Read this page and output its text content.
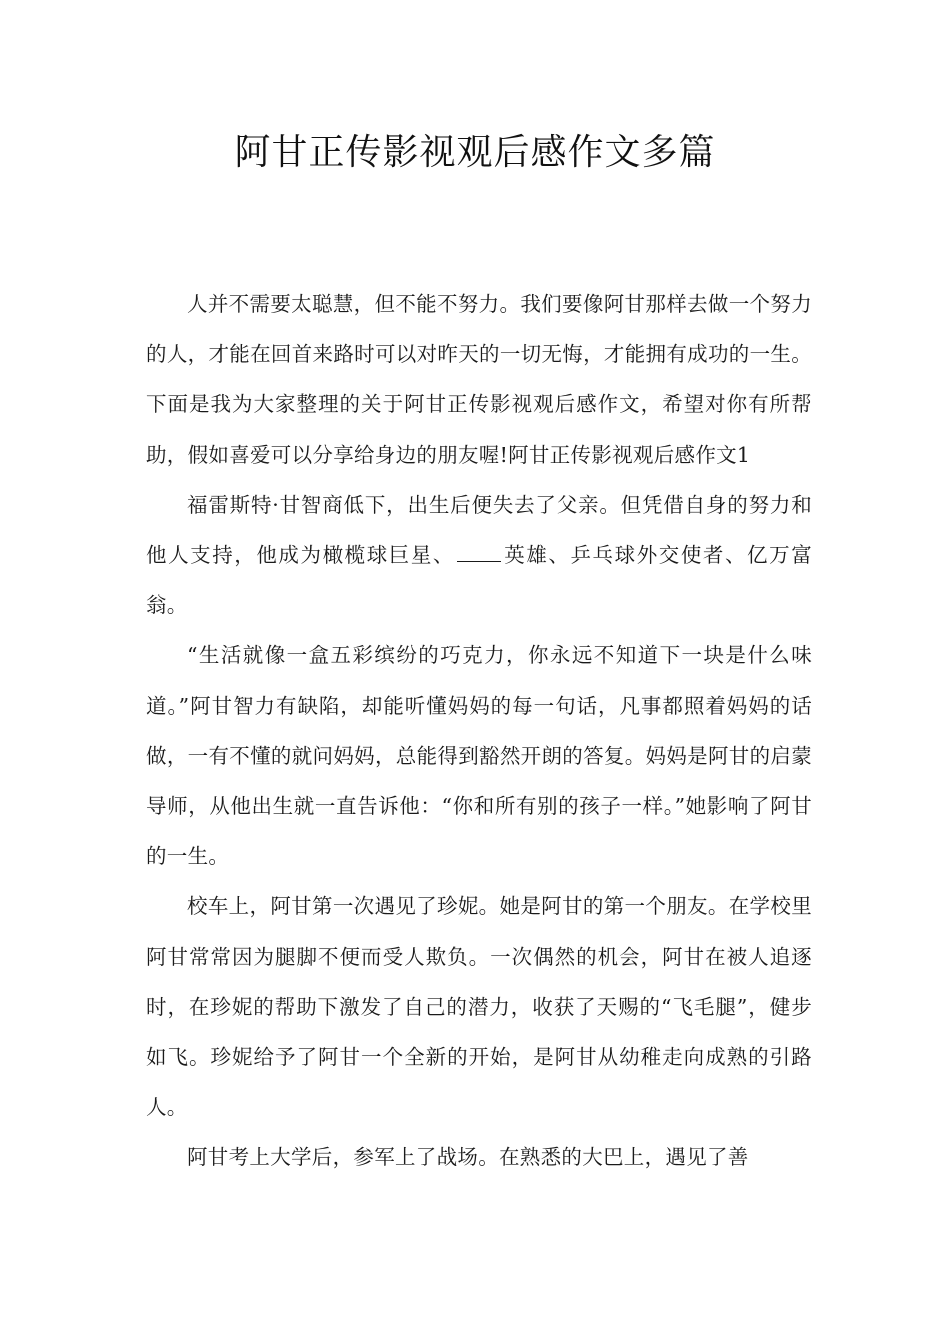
阿甘正传影视观后感作文多篇

人并不需要太聪慧，但不能不努力。我们要像阿甘那样去做一个努力的人，才能在回首来路时可以对昨天的一切无悔，才能拥有成功的一生。下面是我为大家整理的关于阿甘正传影视观后感作文，希望对你有所帮助，假如喜爱可以分享给身边的朋友喔!阿甘正传影视观后感作文1

福雷斯特·甘智商低下，出生后便失去了父亲。但凭借自身的努力和他人支持，他成为橄榄球巨星、 英雄、乒乓球外交使者、亿万富翁。

“生活就像一盒五彩缤纷的巧克力，你永远不知道下一块是什么味道。”阿甘智力有缺陷，却能听懂妈妈的每一句话，凡事都照着妈妈的话做，一有不懂的就问妈妈，总能得到豁然开朗的答复。妈妈是阿甘的启蒙导师，从他出生就一直告诉他：“你和所有别的孩子一样。”她影响了阿甘的一生。

校车上，阿甘第一次遇见了珍妮。她是阿甘的第一个朋友。在学校里阿甘常常因为腿脚不便而受人欺负。一次偶然的机会，阿甘在被人追逐时，在珍妮的帮助下激发了自己的潜力，收获了天赐的“飞毛腿”，健步如飞。珍妮给予了阿甘一个全新的开始，是阿甘从幼稚走向成熟的引路人。

阿甘考上大学后，参军上了战场。在熟悉的大巴上，遇见了善
